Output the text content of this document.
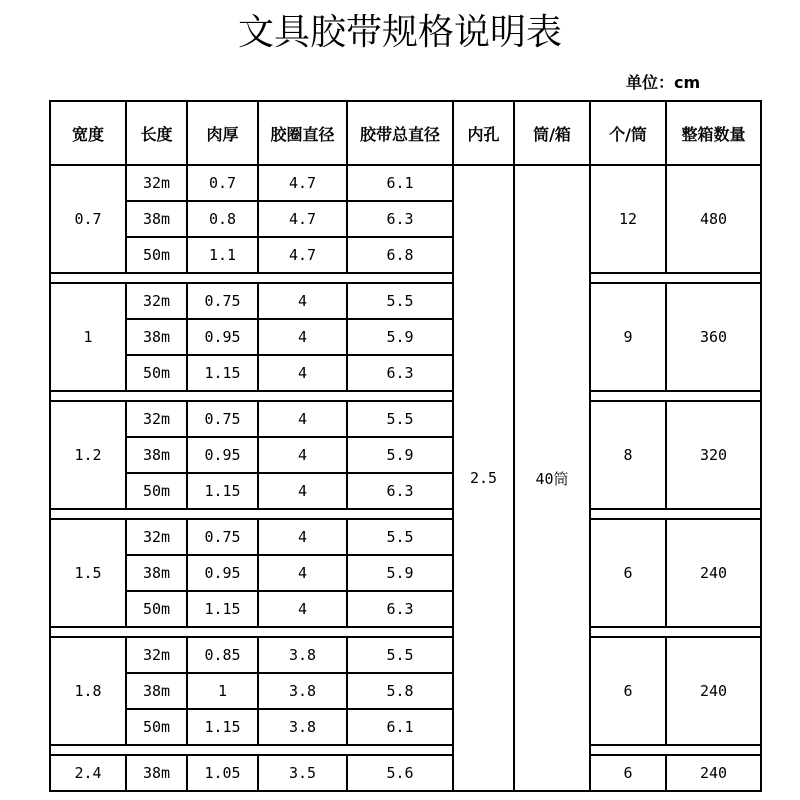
文具胶带规格说明表
单位：cm
宽度	长度	肉厚	胶圈直径	胶带总直径	内孔	筒/箱	个/筒	整箱数量
0.7	32m	0.7	4.7	6.1	2.5	40筒	12	480
	38m	0.8	4.7	6.3				
	50m	1.1	4.7	6.8				

1	32m	0.75	4	5.5			9	360
	38m	0.95	4	5.9				
	50m	1.15	4	6.3				

1.2	32m	0.75	4	5.5			8	320
	38m	0.95	4	5.9				
	50m	1.15	4	6.3				

1.5	32m	0.75	4	5.5			6	240
	38m	0.95	4	5.9				
	50m	1.15	4	6.3				

1.8	32m	0.85	3.8	5.5			6	240
	38m	1	3.8	5.8				
	50m	1.15	3.8	6.1				

2.4	38m	1.05	3.5	5.6			6	240
